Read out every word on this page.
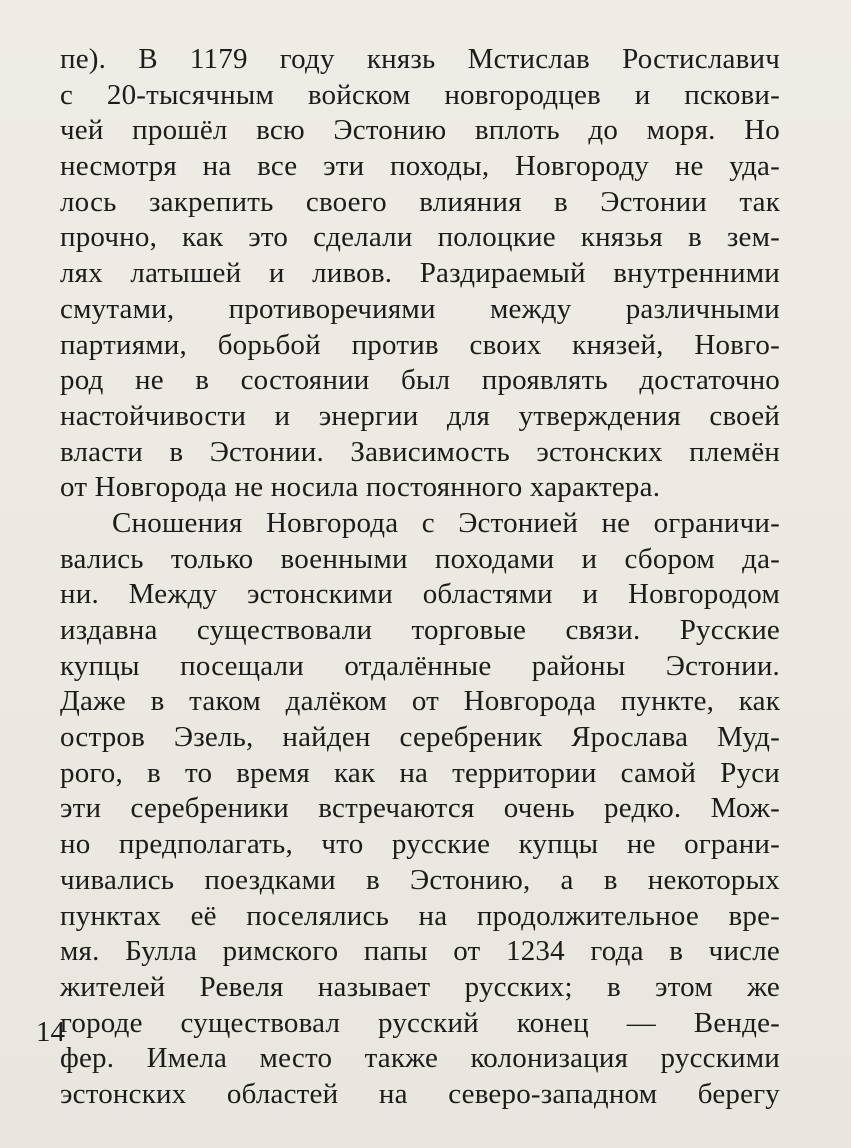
пе). В 1179 году князь Мстислав Ростиславич
с 20-тысячным войском новгородцев и пскови-
чей прошёл всю Эстонию вплоть до моря. Но
несмотря на все эти походы, Новгороду не уда-
лось закрепить своего влияния в Эстонии так
прочно, как это сделали полоцкие князья в зем-
лях латышей и ливов. Раздираемый внутренними
смутами, противоречиями между различными
партиями, борьбой против своих князей, Новго-
род не в состоянии был проявлять достаточно
настойчивости и энергии для утверждения своей
власти в Эстонии. Зависимость эстонских племён
от Новгорода не носила постоянного характера.
Сношения Новгорода с Эстонией не ограничи-
вались только военными походами и сбором да-
ни. Между эстонскими областями и Новгородом
издавна существовали торговые связи. Русские
купцы посещали отдалённые районы Эстонии.
Даже в таком далёком от Новгорода пункте, как
остров Эзель, найден серебреник Ярослава Муд-
рого, в то время как на территории самой Руси
эти серебреники встречаются очень редко. Мож-
но предполагать, что русские купцы не ограни-
чивались поездками в Эстонию, а в некоторых
пунктах её поселялись на продолжительное вре-
мя. Булла римского папы от 1234 года в числе
жителей Ревеля называет русских; в этом же
городе существовал русский конец — Венде-
фер. Имела место также колонизация русскими
эстонских областей на северо-западном берегу
14
